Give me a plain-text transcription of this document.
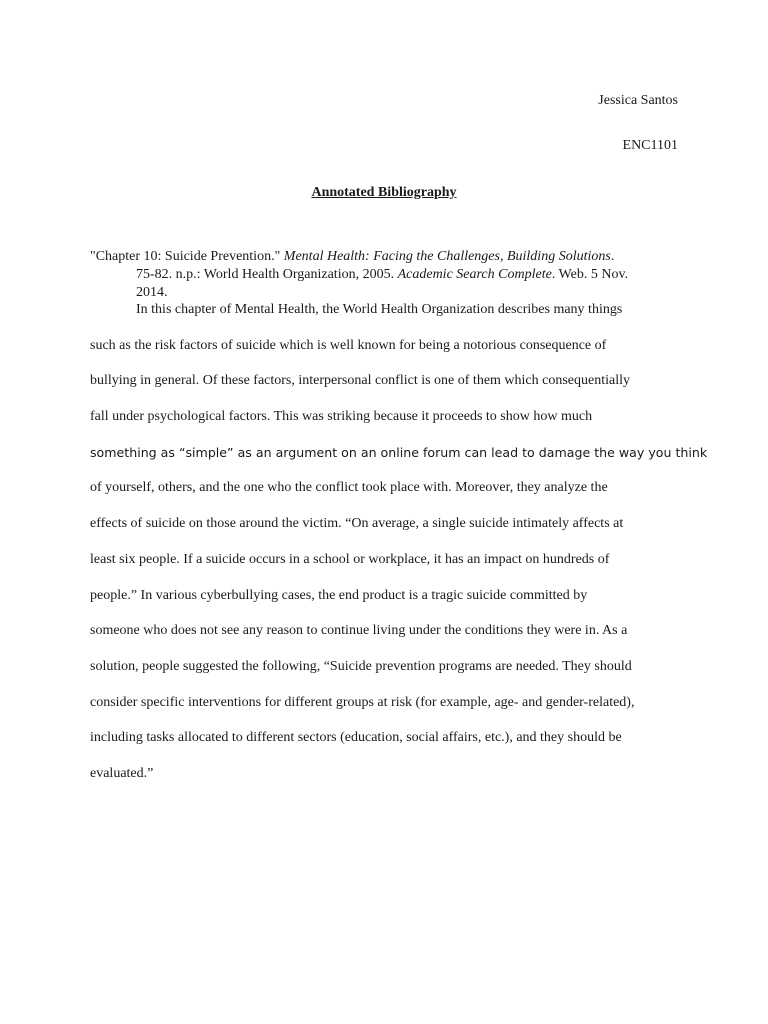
Jessica Santos
ENC1101
Annotated Bibliography
"Chapter 10: Suicide Prevention." Mental Health: Facing the Challenges, Building Solutions.
75-82. n.p.: World Health Organization, 2005. Academic Search Complete. Web. 5 Nov.
2014.
In this chapter of Mental Health, the World Health Organization describes many things
such as the risk factors of suicide which is well known for being a notorious consequence of
bullying in general. Of these factors, interpersonal conflict is one of them which consequentially
fall under psychological factors. This was striking because it proceeds to show how much
something as “simple” as an argument on an online forum can lead to damage the way you think
of yourself, others, and the one who the conflict took place with. Moreover, they analyze the
effects of suicide on those around the victim. “On average, a single suicide intimately affects at
least six people. If a suicide occurs in a school or workplace, it has an impact on hundreds of
people.” In various cyberbullying cases, the end product is a tragic suicide committed by
someone who does not see any reason to continue living under the conditions they were in. As a
solution, people suggested the following, “Suicide prevention programs are needed. They should
consider specific interventions for different groups at risk (for example, age- and gender-related),
including tasks allocated to different sectors (education, social affairs, etc.), and they should be
evaluated.”
